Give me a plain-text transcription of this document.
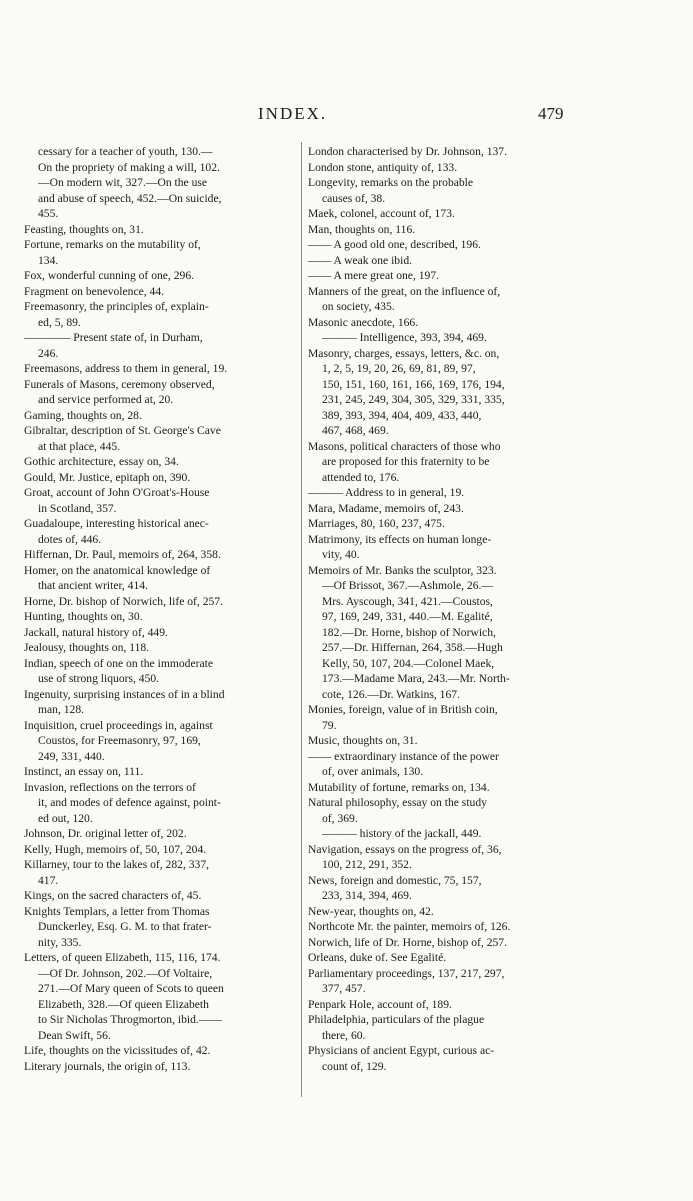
INDEX.	479
cessary for a teacher of youth, 130.—
On the propriety of making a will, 102.
—On modern wit, 327.—On the use
and abuse of speech, 452.—On suicide,
455.
Feasting, thoughts on, 31.
Fortune, remarks on the mutability of,
134.
Fox, wonderful cunning of one, 296.
Fragment on benevolence, 44.
Freemasonry, the principles of, explain-
ed, 5, 89.
———— Present state of, in Durham,
246.
Freemasons, address to them in general, 19.
Funerals of Masons, ceremony observed,
and service performed at, 20.
Gaming, thoughts on, 28.
Gibraltar, description of St. George's Cave
at that place, 445.
Gothic architecture, essay on, 34.
Gould, Mr. Justice, epitaph on, 390.
Groat, account of John O'Groat's-House
in Scotland, 357.
Guadaloupe, interesting historical anec-
dotes of, 446.
Hiffernan, Dr. Paul, memoirs of, 264, 358.
Homer, on the anatomical knowledge of
that ancient writer, 414.
Horne, Dr. bishop of Norwich, life of, 257.
Hunting, thoughts on, 30.
Jackall, natural history of, 449.
Jealousy, thoughts on, 118.
Indian, speech of one on the immoderate
use of strong liquors, 450.
Ingenuity, surprising instances of in a blind
man, 128.
Inquisition, cruel proceedings in, against
Coustos, for Freemasonry, 97, 169,
249, 331, 440.
Instinct, an essay on, 111.
Invasion, reflections on the terrors of
it, and modes of defence against, point-
ed out, 120.
Johnson, Dr. original letter of, 202.
Kelly, Hugh, memoirs of, 50, 107, 204.
Killarney, tour to the lakes of, 282, 337,
417.
Kings, on the sacred characters of, 45.
Knights Templars, a letter from Thomas
Dunckerley, Esq. G. M. to that frater-
nity, 335.
Letters, of queen Elizabeth, 115, 116, 174.
—Of Dr. Johnson, 202.—Of Voltaire,
271.—Of Mary queen of Scots to queen
Elizabeth, 328.—Of queen Elizabeth
to Sir Nicholas Throgmorton, ibid.——
Dean Swift, 56.
Life, thoughts on the vicissitudes of, 42.
Literary journals, the origin of, 113.
London characterised by Dr. Johnson, 137.
London stone, antiquity of, 133.
Longevity, remarks on the probable
causes of, 38.
Maek, colonel, account of, 173.
Man, thoughts on, 116.
—— A good old one, described, 196.
—— A weak one ibid.
—— A mere great one, 197.
Manners of the great, on the influence of,
on society, 435.
Masonic anecdote, 166.
——— Intelligence, 393, 394, 469.
Masonry, charges, essays, letters, &c. on,
1, 2, 5, 19, 20, 26, 69, 81, 89, 97,
150, 151, 160, 161, 166, 169, 176, 194,
231, 245, 249, 304, 305, 329, 331, 335,
389, 393, 394, 404, 409, 433, 440,
467, 468, 469.
Masons, political characters of those who
are proposed for this fraternity to be
attended to, 176.
——— Address to in general, 19.
Mara, Madame, memoirs of, 243.
Marriages, 80, 160, 237, 475.
Matrimony, its effects on human longe-
vity, 40.
Memoirs of Mr. Banks the sculptor, 323.
—Of Brissot, 367.—Ashmole, 26.—
Mrs. Ayscough, 341, 421.—Coustos,
97, 169, 249, 331, 440.—M. Egalité,
182.—Dr. Horne, bishop of Norwich,
257.—Dr. Hiffernan, 264, 358.—Hugh
Kelly, 50, 107, 204.—Colonel Maek,
173.—Madame Mara, 243.—Mr. North-
cote, 126.—Dr. Watkins, 167.
Monies, foreign, value of in British coin,
79.
Music, thoughts on, 31.
—— extraordinary instance of the power
of, over animals, 130.
Mutability of fortune, remarks on, 134.
Natural philosophy, essay on the study
of, 369.
——— history of the jackall, 449.
Navigation, essays on the progress of, 36,
100, 212, 291, 352.
News, foreign and domestic, 75, 157,
233, 314, 394, 469.
New-year, thoughts on, 42.
Northcote Mr. the painter, memoirs of, 126.
Norwich, life of Dr. Horne, bishop of, 257.
Orleans, duke of. See Egalité.
Parliamentary proceedings, 137, 217, 297,
377, 457.
Penpark Hole, account of, 189.
Philadelphia, particulars of the plague
there, 60.
Physicians of ancient Egypt, curious ac-
count of, 129.
